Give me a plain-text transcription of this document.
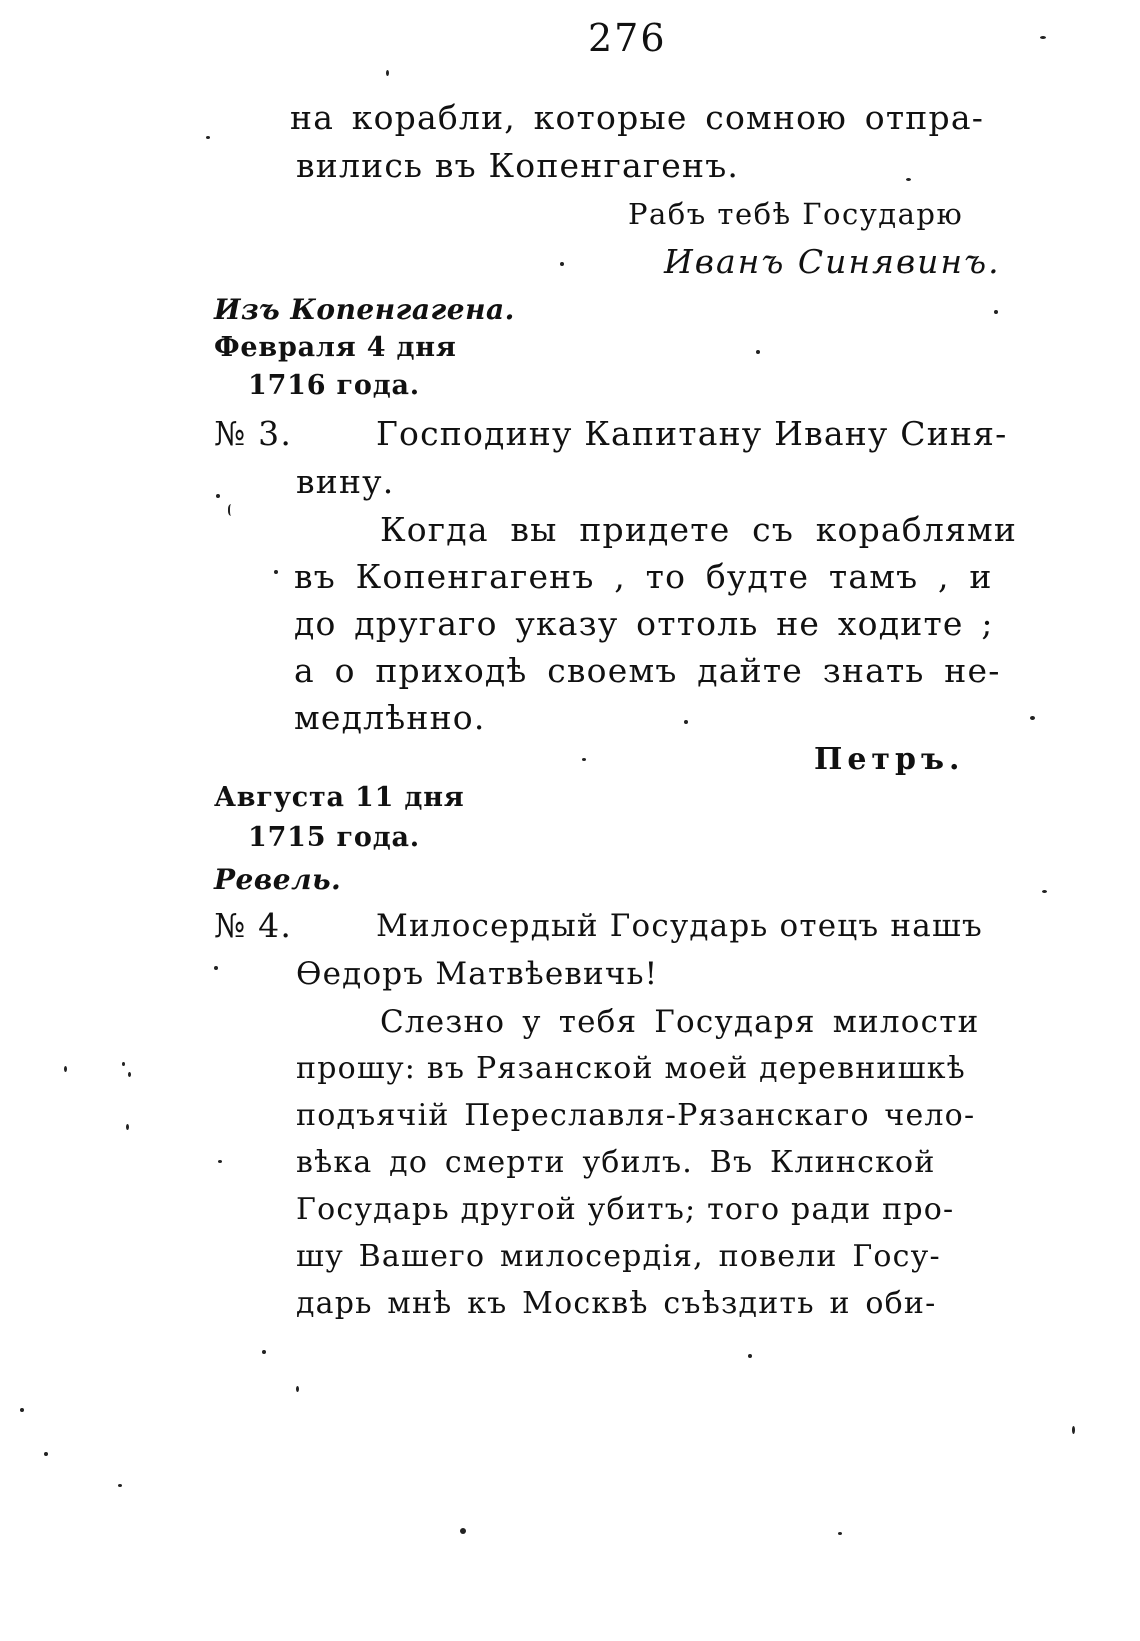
276
на корабли, которые сомною отпра-
вились въ Копенгагенъ.
Рабъ тебѣ Государю
Иванъ Синявинъ.
Изъ Копенгагена.
Февраля 4 дня
1716 года.
№ 3.	Господину Капитану Ивану Синя-
вину.
Когда вы придете съ кораблями
въ Копенгагенъ , то будте тамъ , и
до другаго указу оттоль не ходите ;
а о приходѣ своемъ дайте знать не-
медлѣнно.
Петръ.
Августа 11 дня
1715 года.
Ревель.
№ 4.	Милосердый Государь отецъ нашъ
Ѳедоръ Матвѣевичь!
Слезно у тебя Государя милости
прошу: въ Рязанской моей деревнишкѣ
подъячій Переславля-Рязанскаго чело-
вѣка до смерти убилъ. Въ Клинской
Государь другой убитъ; того ради про-
шу Вашего милосердія, повели Госу-
дарь мнѣ къ Москвѣ съѣздить и оби-
